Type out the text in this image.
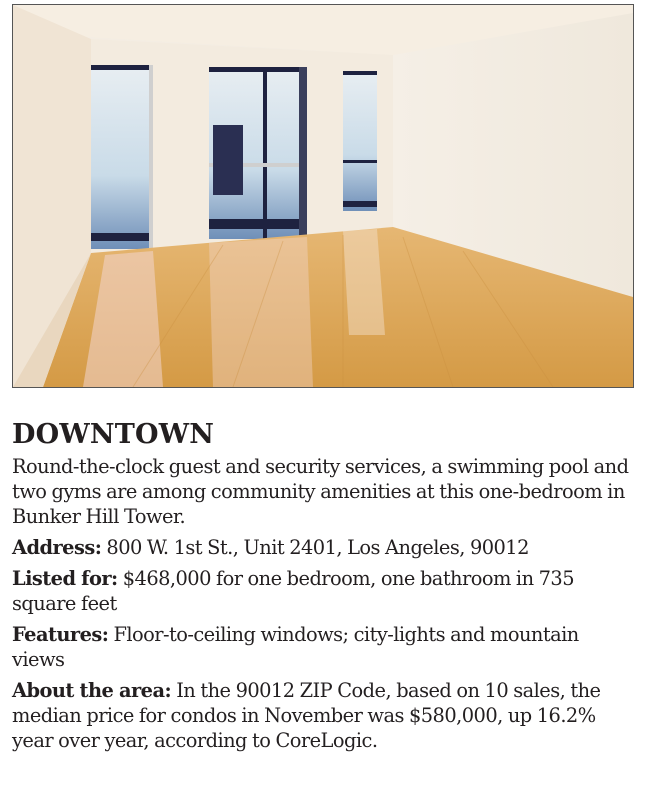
DOWNTOWN

Round-the-clock guest and security services, a swimming pool and two gyms are among community amenities at this one-bedroom in Bunker Hill Tower.

Address: 800 W. 1st St., Unit 2401, Los Angeles, 90012

Listed for: $468,000 for one bedroom, one bathroom in 735 square feet

Features: Floor-to-ceiling windows; city-lights and mountain views

About the area: In the 90012 ZIP Code, based on 10 sales, the median price for condos in November was $580,000, up 16.2% year over year, according to CoreLogic.
